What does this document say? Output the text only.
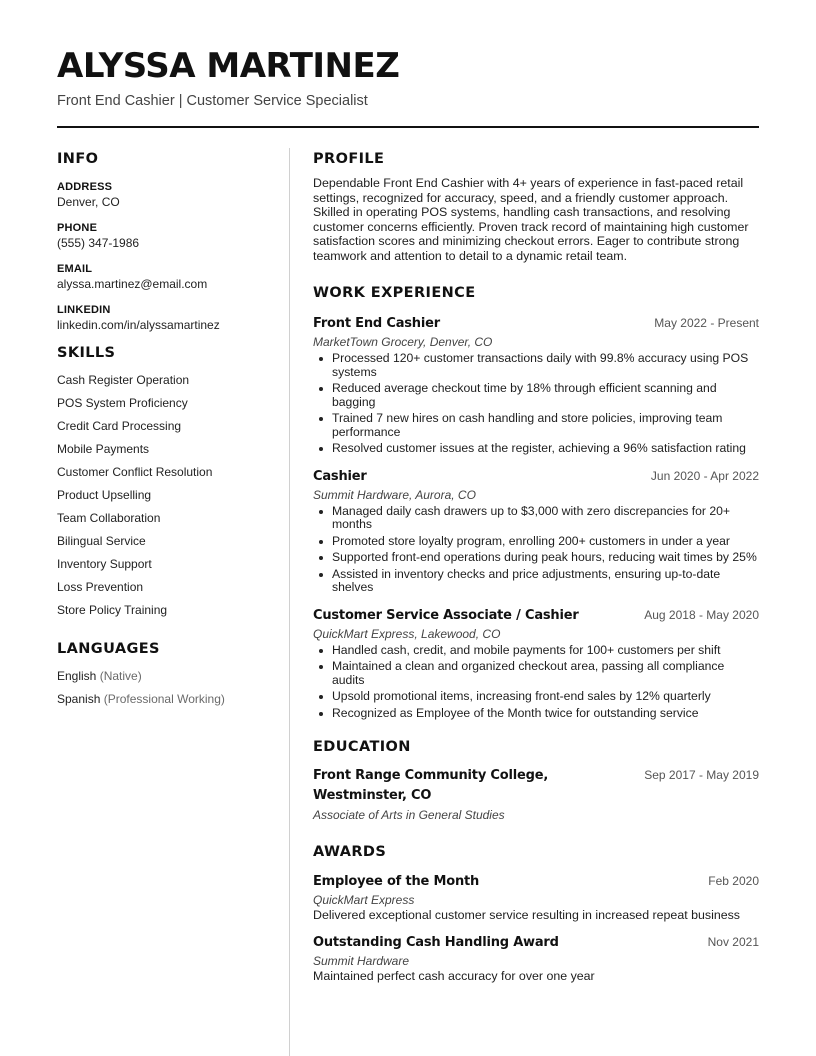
ALYSSA MARTINEZ
Front End Cashier | Customer Service Specialist
INFO
ADDRESS
Denver, CO
PHONE
(555) 347-1986
EMAIL
alyssa.martinez@email.com
LINKEDIN
linkedin.com/in/alyssamartinez
SKILLS
Cash Register Operation
POS System Proficiency
Credit Card Processing
Mobile Payments
Customer Conflict Resolution
Product Upselling
Team Collaboration
Bilingual Service
Inventory Support
Loss Prevention
Store Policy Training
LANGUAGES
English (Native)
Spanish (Professional Working)
PROFILE
Dependable Front End Cashier with 4+ years of experience in fast-paced retail settings, recognized for accuracy, speed, and a friendly customer approach. Skilled in operating POS systems, handling cash transactions, and resolving customer concerns efficiently. Proven track record of maintaining high customer satisfaction scores and minimizing checkout errors. Eager to contribute strong teamwork and attention to detail to a dynamic retail team.
WORK EXPERIENCE
Front End Cashier	May 2022 - Present
MarketTown Grocery, Denver, CO
Processed 120+ customer transactions daily with 99.8% accuracy using POS systems
Reduced average checkout time by 18% through efficient scanning and bagging
Trained 7 new hires on cash handling and store policies, improving team performance
Resolved customer issues at the register, achieving a 96% satisfaction rating
Cashier	Jun 2020 - Apr 2022
Summit Hardware, Aurora, CO
Managed daily cash drawers up to $3,000 with zero discrepancies for 20+ months
Promoted store loyalty program, enrolling 200+ customers in under a year
Supported front-end operations during peak hours, reducing wait times by 25%
Assisted in inventory checks and price adjustments, ensuring up-to-date shelves
Customer Service Associate / Cashier	Aug 2018 - May 2020
QuickMart Express, Lakewood, CO
Handled cash, credit, and mobile payments for 100+ customers per shift
Maintained a clean and organized checkout area, passing all compliance audits
Upsold promotional items, increasing front-end sales by 12% quarterly
Recognized as Employee of the Month twice for outstanding service
EDUCATION
Front Range Community College, Westminster, CO
Sep 2017 - May 2019
Associate of Arts in General Studies
AWARDS
Employee of the Month	Feb 2020
QuickMart Express
Delivered exceptional customer service resulting in increased repeat business
Outstanding Cash Handling Award	Nov 2021
Summit Hardware
Maintained perfect cash accuracy for over one year
